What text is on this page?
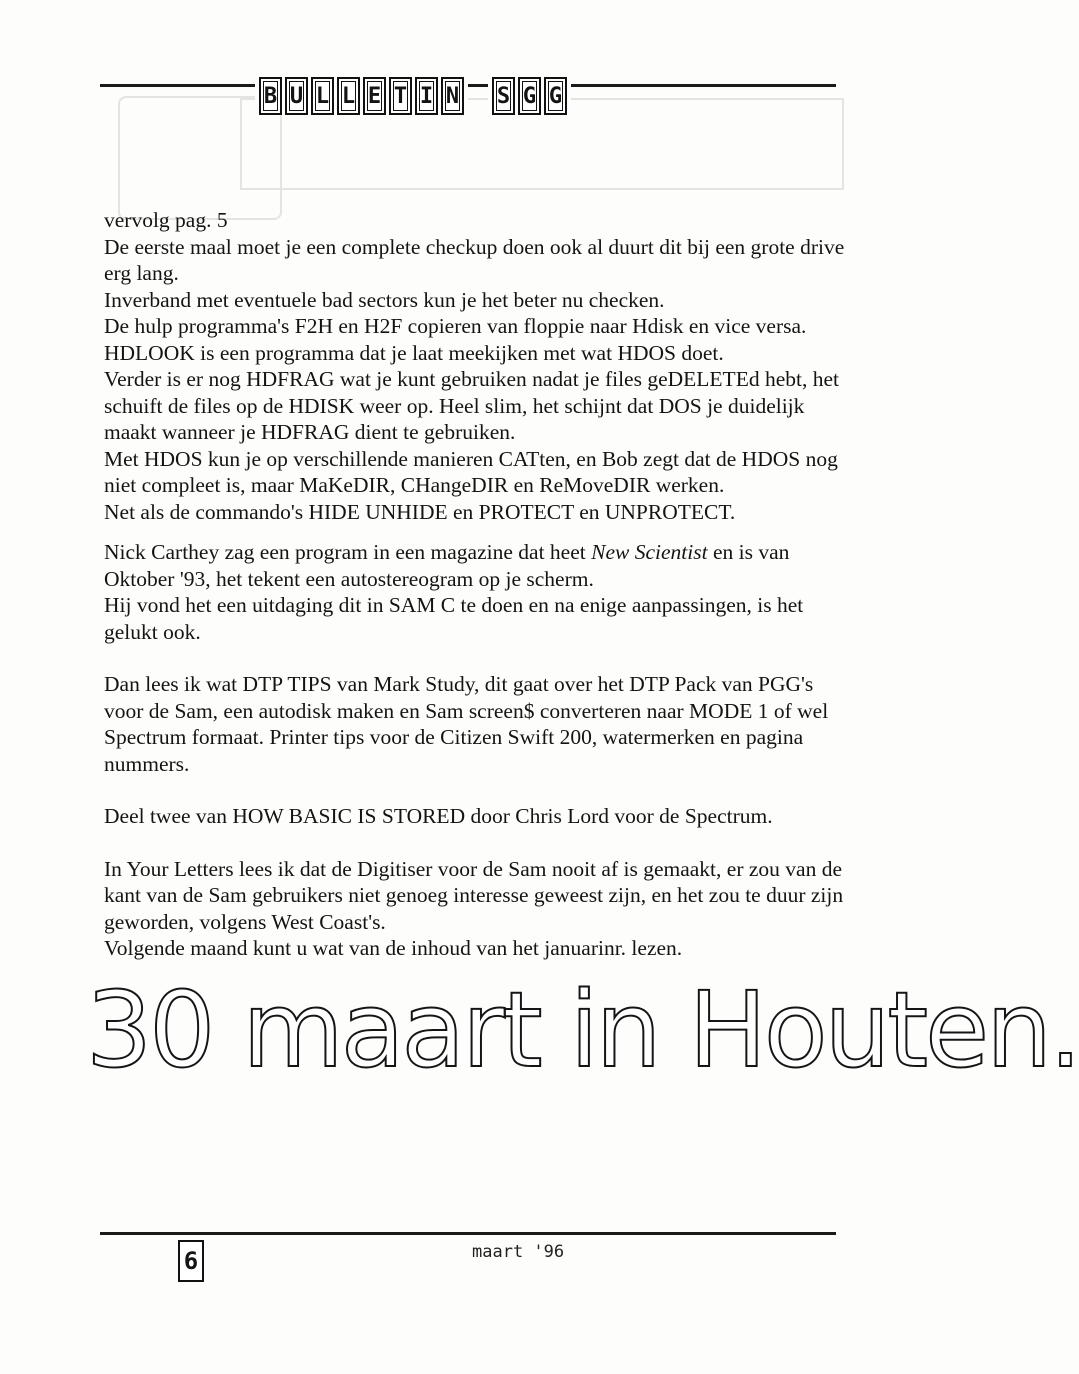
B U L L E T I N S G G

vervolg pag. 5

De eerste maal moet je een complete checkup doen ook al duurt dit bij een grote drive erg lang.

Inverband met eventuele bad sectors kun je het beter nu checken.

De hulp programma's F2H en H2F copieren van floppie naar Hdisk en vice versa.

HDLOOK is een programma dat je laat meekijken met wat HDOS doet.

Verder is er nog HDFRAG wat je kunt gebruiken nadat je files geDELETEd hebt, het schuift de files op de HDISK weer op. Heel slim, het schijnt dat DOS je duidelijk maakt wanneer je HDFRAG dient te gebruiken.

Met HDOS kun je op verschillende manieren CATten, en Bob zegt dat de HDOS nog niet compleet is, maar MaKeDIR, CHangeDIR en ReMoveDIR werken.

Net als de commando's HIDE UNHIDE en PROTECT en UNPROTECT.

Nick Carthey zag een program in een magazine dat heet New Scientist en is van Oktober '93, het tekent een autostereogram op je scherm.

Hij vond het een uitdaging dit in SAM C te doen en na enige aanpassingen, is het gelukt ook.

Dan lees ik wat DTP TIPS van Mark Study, dit gaat over het DTP Pack van PGG's voor de Sam, een autodisk maken en Sam screen$ converteren naar MODE 1 of wel Spectrum formaat. Printer tips voor de Citizen Swift 200, watermerken en pagina nummers.

Deel twee van HOW BASIC IS STORED door Chris Lord voor de Spectrum.

In Your Letters lees ik dat de Digitiser voor de Sam nooit af is gemaakt, er zou van de kant van de Sam gebruikers niet genoeg interesse geweest zijn, en het zou te duur zijn geworden, volgens West Coast's.

Volgende maand kunt u wat van de inhoud van het januarinr. lezen.

30 maart in Houten.
6	maart '96
